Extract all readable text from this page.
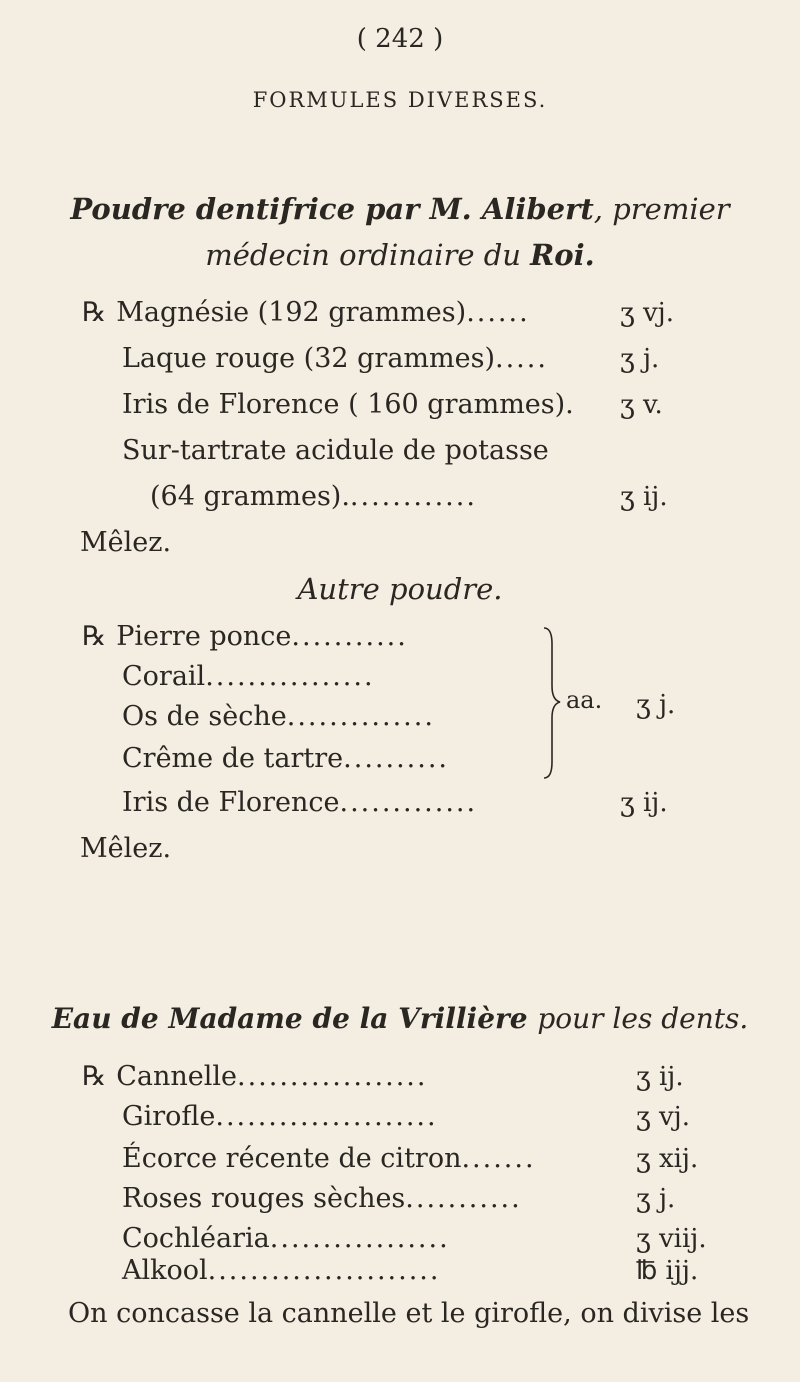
( 242 )
FORMULES DIVERSES.
Poudre dentifrice par M. Alibert, premier
médecin ordinaire du Roi.
℞ Magnésie (192 grammes)......	ʒ vj.
Laque rouge (32 grammes).....	ʒ j.
Iris de Florence ( 160 grammes). ʒ v.
Sur-tartrate acidule de potasse
(64 grammes).............	ʒ ij.
Mêlez.
Autre poudre.
℞ Pierre ponce...........
Corail................
Os de sèche..............
Crême de tartre..........
aa. ʒ j.
Iris de Florence.............	ʒ ij.
Mêlez.
Eau de Madame de la Vrillière pour les dents.
℞ Cannelle..................	ʒ ij.
Girofle.....................	ʒ vj.
Écorce récente de citron.......	ʒ xij.
Roses rouges sèches...........	ʒ j.
Cochléaria.................	ʒ viij.
Alkool......................	℔ ijj.
On concasse la cannelle et le girofle, on divise les
